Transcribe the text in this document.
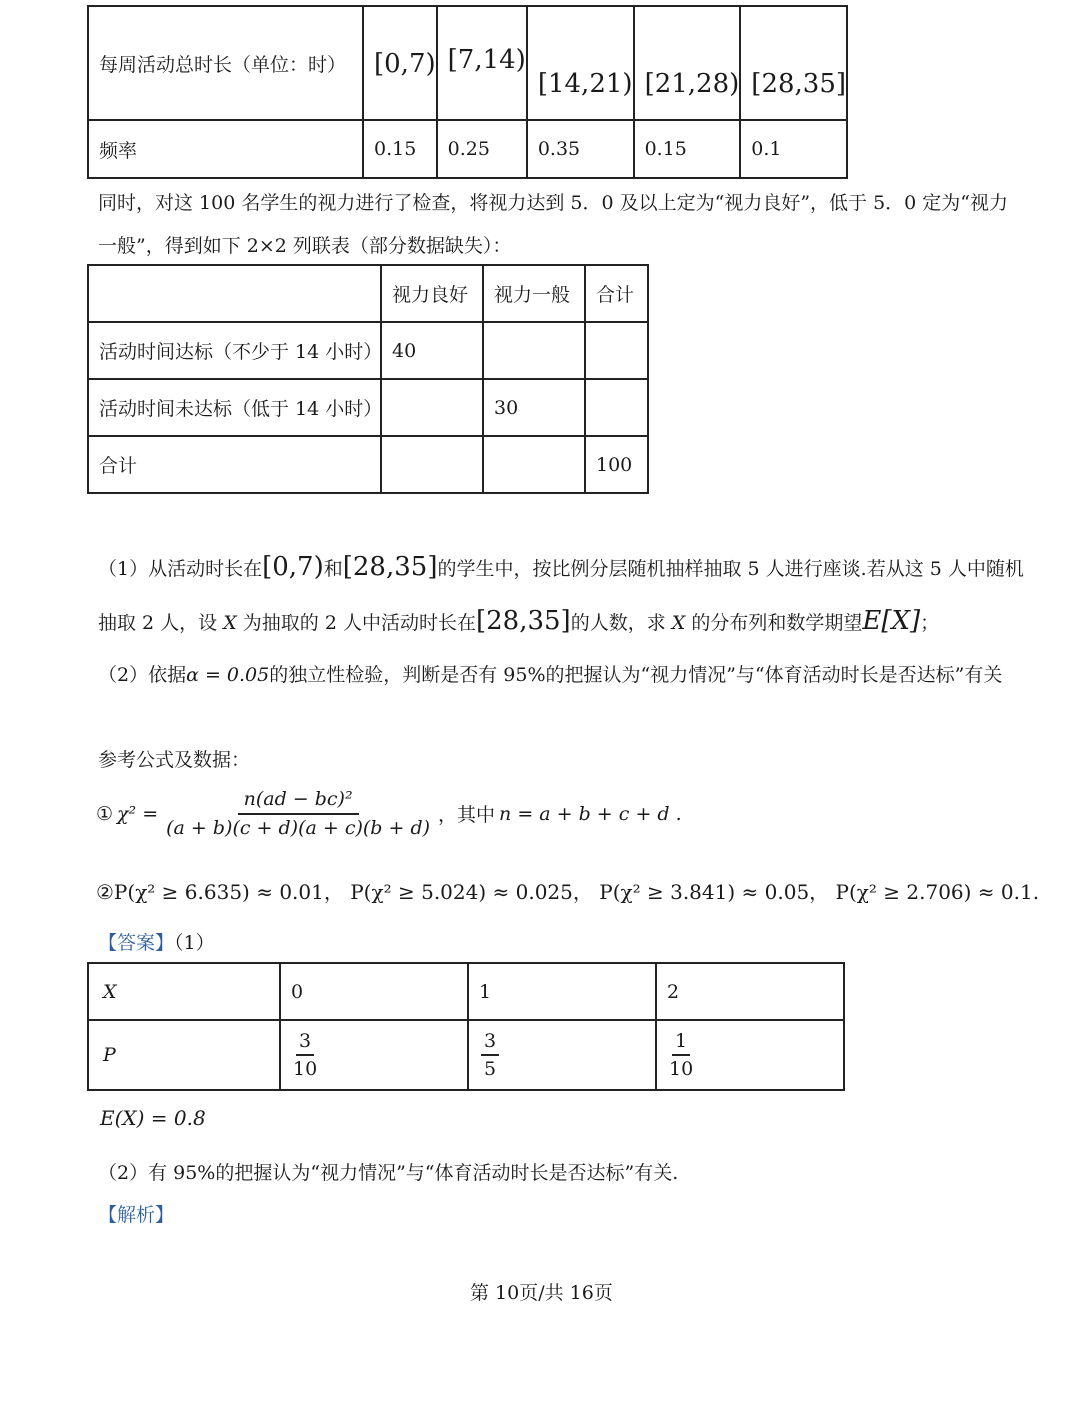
每周活动总时长（单位：时）	[0,7)	[7,14)	[14,21)	[21,28)	[28,35]
频率	0.15	0.25	0.35	0.15	0.1
同时，对这 100 名学生的视力进行了检查，将视力达到 5．0 及以上定为“视力良好”，低于 5．0 定为“视力
一般”，得到如下 2×2 列联表（部分数据缺失）：
	视力良好	视力一般	合计
活动时间达标（不少于 14 小时）	40		
活动时间未达标（低于 14 小时）		30	
合计			100
（1）从活动时长在[0,7)和[28,35]的学生中，按比例分层随机抽样抽取 5 人进行座谈.若从这 5 人中随机
抽取 2 人，设 X 为抽取的 2 人中活动时长在[28,35]的人数，求 X 的分布列和数学期望E[X]；
（2）依据α = 0.05的独立性检验，判断是否有 95%的把握认为“视力情况”与“体育活动时长是否达标”有关
参考公式及数据：
① $\chi^2 = \frac{\text{n(ad − bc)²}}{(a + b)(c + d)(a + c)(b + d)}$ ，其中 n = a + b + c + d .
②P(χ² ≥ 6.635) ≈ 0.01， P(χ² ≥ 5.024) ≈ 0.025， P(χ² ≥ 3.841) ≈ 0.05， P(χ² ≥ 2.706) ≈ 0.1.
【答案】（1）
X	0	1	2
P	$\frac{3}{10}$	$\frac{3}{5}$	$\frac{1}{10}$
E(X) = 0.8
（2）有 95%的把握认为“视力情况”与“体育活动时长是否达标”有关.
【解析】
第 10页/共 16页
